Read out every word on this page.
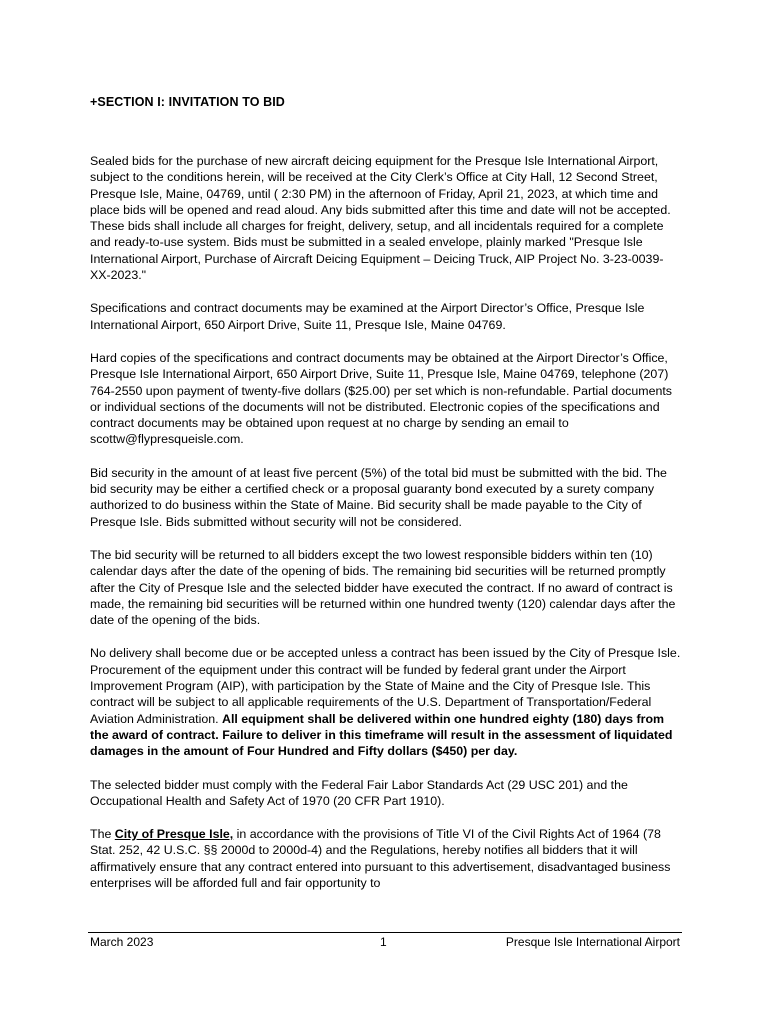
+SECTION I: INVITATION TO BID

Sealed bids for the purchase of new aircraft deicing equipment for the Presque Isle International Airport, subject to the conditions herein, will be received at the City Clerk’s Office at City Hall, 12 Second Street, Presque Isle, Maine, 04769, until ( 2:30 PM) in the afternoon of Friday, April 21, 2023, at which time and place bids will be opened and read aloud. Any bids submitted after this time and date will not be accepted. These bids shall include all charges for freight, delivery, setup, and all incidentals required for a complete and ready-to-use system. Bids must be submitted in a sealed envelope, plainly marked "Presque Isle International Airport, Purchase of Aircraft Deicing Equipment – Deicing Truck, AIP Project No. 3-23-0039-XX-2023."

Specifications and contract documents may be examined at the Airport Director’s Office, Presque Isle International Airport, 650 Airport Drive, Suite 11, Presque Isle, Maine 04769.

Hard copies of the specifications and contract documents may be obtained at the Airport Director’s Office, Presque Isle International Airport, 650 Airport Drive, Suite 11, Presque Isle, Maine 04769, telephone (207) 764-2550 upon payment of twenty-five dollars ($25.00) per set which is non-refundable. Partial documents or individual sections of the documents will not be distributed. Electronic copies of the specifications and contract documents may be obtained upon request at no charge by sending an email to scottw@flypresqueisle.com.

Bid security in the amount of at least five percent (5%) of the total bid must be submitted with the bid. The bid security may be either a certified check or a proposal guaranty bond executed by a surety company authorized to do business within the State of Maine. Bid security shall be made payable to the City of Presque Isle. Bids submitted without security will not be considered.

The bid security will be returned to all bidders except the two lowest responsible bidders within ten (10) calendar days after the date of the opening of bids. The remaining bid securities will be returned promptly after the City of Presque Isle and the selected bidder have executed the contract. If no award of contract is made, the remaining bid securities will be returned within one hundred twenty (120) calendar days after the date of the opening of the bids.

No delivery shall become due or be accepted unless a contract has been issued by the City of Presque Isle. Procurement of the equipment under this contract will be funded by federal grant under the Airport Improvement Program (AIP), with participation by the State of Maine and the City of Presque Isle. This contract will be subject to all applicable requirements of the U.S. Department of Transportation/Federal Aviation Administration. All equipment shall be delivered within one hundred eighty (180) days from the award of contract. Failure to deliver in this timeframe will result in the assessment of liquidated damages in the amount of Four Hundred and Fifty dollars ($450) per day.

The selected bidder must comply with the Federal Fair Labor Standards Act (29 USC 201) and the Occupational Health and Safety Act of 1970 (20 CFR Part 1910).

The City of Presque Isle, in accordance with the provisions of Title VI of the Civil Rights Act of 1964 (78 Stat. 252, 42 U.S.C. §§ 2000d to 2000d-4) and the Regulations, hereby notifies all bidders that it will affirmatively ensure that any contract entered into pursuant to this advertisement, disadvantaged business enterprises will be afforded full and fair opportunity to

March 2023	1	Presque Isle International Airport
